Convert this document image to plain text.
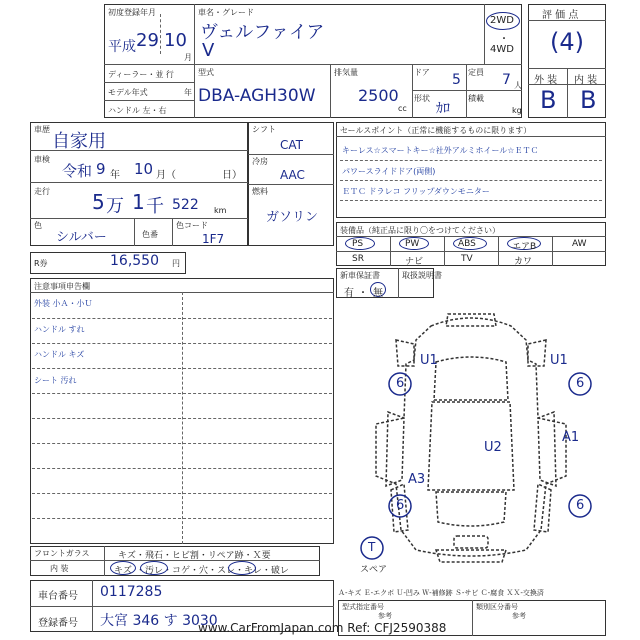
初度登録年月
平成 29 10
月
車名・グレード
ヴェルファイア
V
2WD
・
4WD
ディーラー・並 行
モデル年式	年
ハンドル 左・右
型式
DBA-AGH30W
排気量
2500
cc
ドア 5 定員 7 人
形状
ｶﾛ
積載
kg
評 価 点
(4)
外 装 内 装
B B
車歴
自家用
車検
令和 9 年 10 月（	日）
走行 5 万 1 千 522 km
色
シルバー	色番
色コード
1F7
シフト
CAT
冷房
AAC
燃料
ガソリン
R券	16,550 円
セールスポイント（正常に機能するものに限ります）
キーレス☆スマートキー☆社外アルミホイール☆ＥＴＣ
パワースライドドア(両側)
ＥＴＣ ドラレコ フリップダウンモニター
装備品（純正品に限り〇をつけてください）
PS	PW	ABS	エアB	AW
SR	ナビ	TV	カワ
新車保証書
有 ・ 無
取扱説明書
注意事項申告欄
外装 小Ａ・小Ｕ
ハンドル すれ
ハンドル キズ
シート 汚れ
U1	U1
U2
A1
A3
6	6
6	6
T
スペア
フロントガラス	キズ・飛石・ヒビ割・リペア跡・Ｘ要
内 装	キズ ・汚レ・コゲ・穴・スレ・キレ・破レ
車台番号 0117285
登録番号 大宮 346 す 3030
Ａ-キズ Ｅ-エクボ Ｕ-凹み Ｗ-補修跡 Ｓ-サビ Ｃ-腐食 ＸＸ-交換済
型式指定番号
参考
類別区分番号
参考
www.CarFromJapan.com Ref: CFJ2590388
